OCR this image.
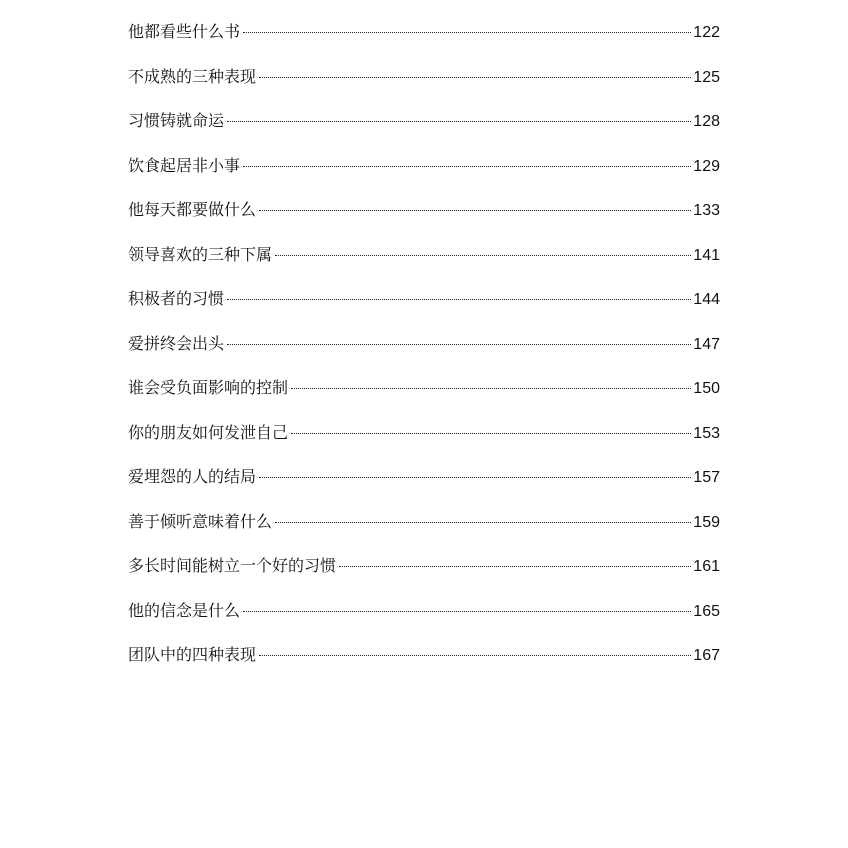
他都看些什么书	122
不成熟的三种表现	125
习惯铸就命运	128
饮食起居非小事	129
他每天都要做什么	133
领导喜欢的三种下属	141
积极者的习惯	144
爱拼终会出头	147
谁会受负面影响的控制	150
你的朋友如何发泄自己	153
爱埋怨的人的结局	157
善于倾听意味着什么	159
多长时间能树立一个好的习惯	161
他的信念是什么	165
团队中的四种表现	167
